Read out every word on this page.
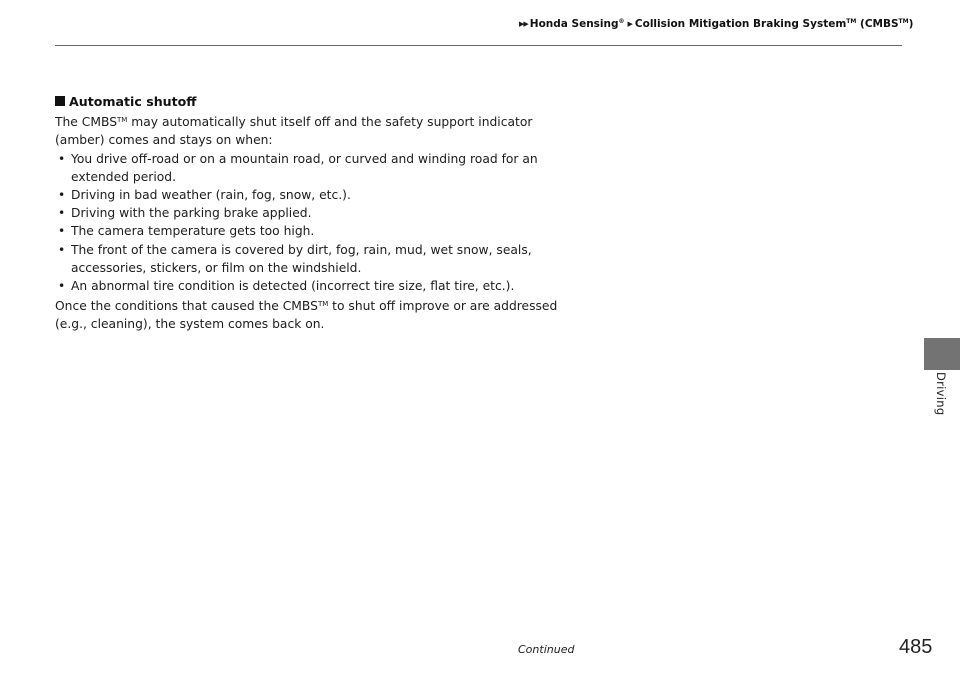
▶▶ Honda Sensing® ▶ Collision Mitigation Braking System™ (CMBS™)
Automatic shutoff
The CMBS™ may automatically shut itself off and the safety support indicator
(amber) comes and stays on when:
• You drive off-road or on a mountain road, or curved and winding road for an extended period.
• Driving in bad weather (rain, fog, snow, etc.).
• Driving with the parking brake applied.
• The camera temperature gets too high.
• The front of the camera is covered by dirt, fog, rain, mud, wet snow, seals, accessories, stickers, or film on the windshield.
• An abnormal tire condition is detected (incorrect tire size, flat tire, etc.).
Once the conditions that caused the CMBS™ to shut off improve or are addressed
(e.g., cleaning), the system comes back on.
Driving
Continued	485
